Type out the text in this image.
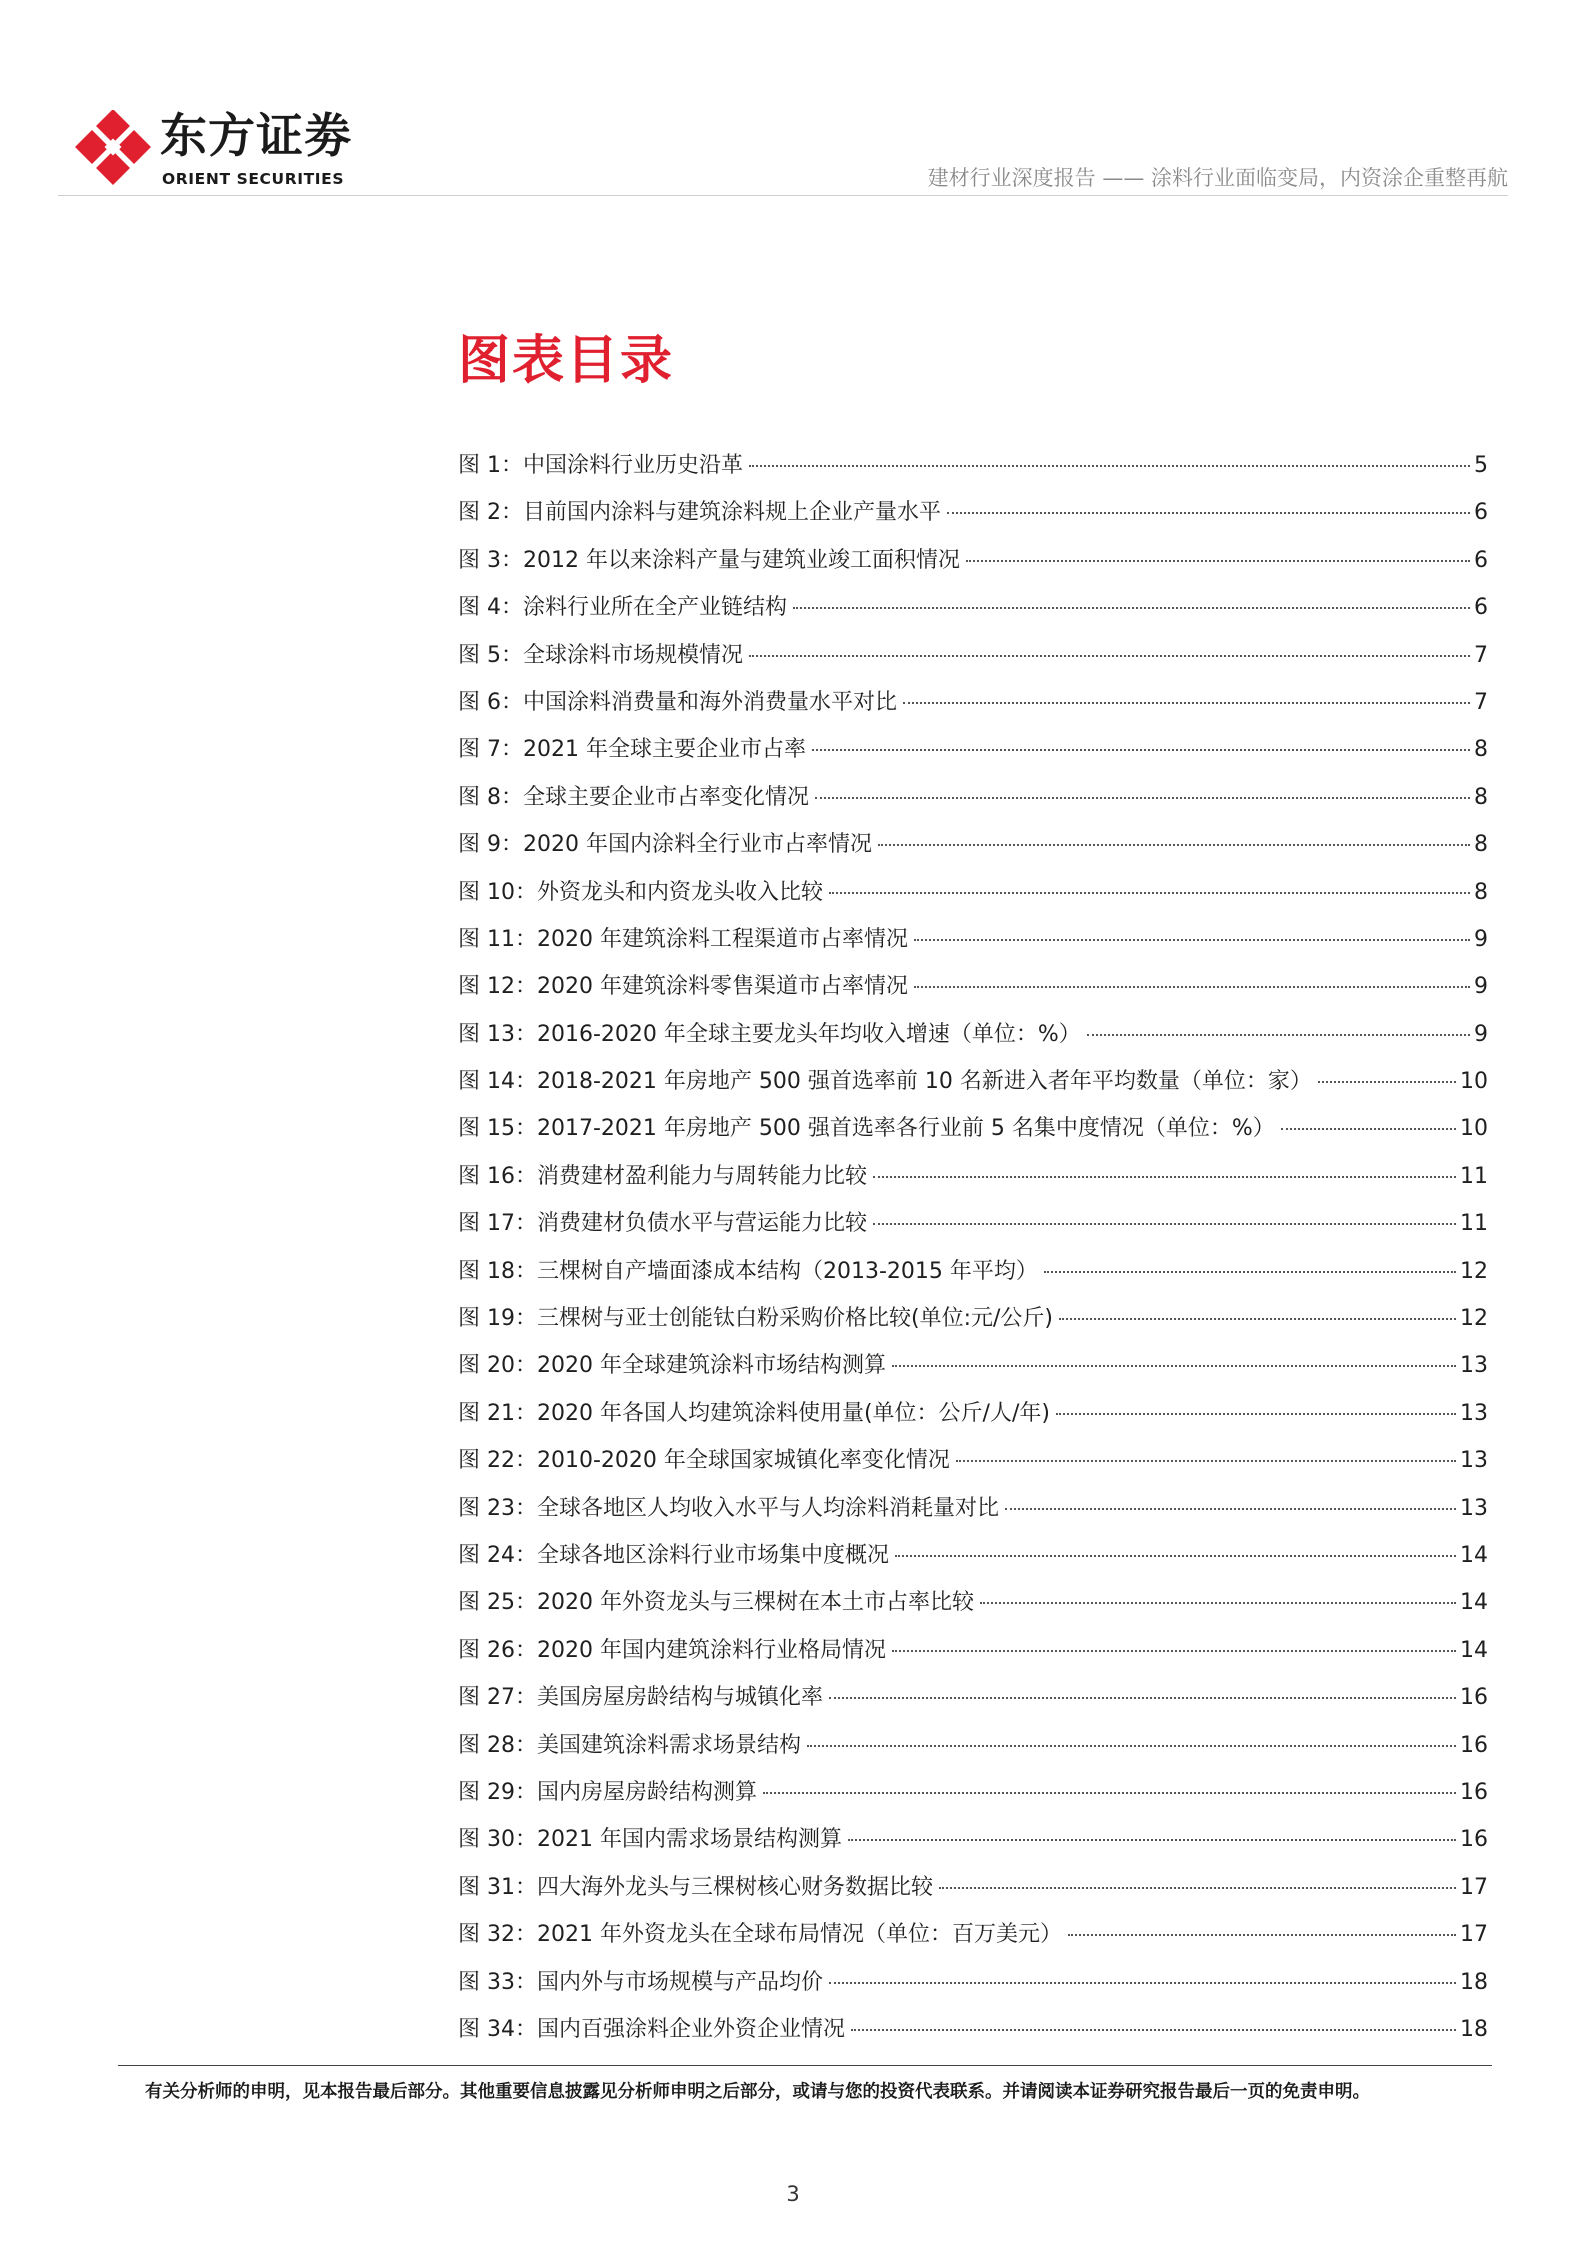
东方证劵
ORIENT SECURITIES	建材行业深度报告 —— 涂料行业面临变局，内资涂企重整再航
图表目录
图 1：中国涂料行业历史沿革	5
图 2：目前国内涂料与建筑涂料规上企业产量水平	6
图 3：2012 年以来涂料产量与建筑业竣工面积情况	6
图 4：涂料行业所在全产业链结构	6
图 5：全球涂料市场规模情况	7
图 6：中国涂料消费量和海外消费量水平对比	7
图 7：2021 年全球主要企业市占率	8
图 8：全球主要企业市占率变化情况	8
图 9：2020 年国内涂料全行业市占率情况	8
图 10：外资龙头和内资龙头收入比较	8
图 11：2020 年建筑涂料工程渠道市占率情况	9
图 12：2020 年建筑涂料零售渠道市占率情况	9
图 13：2016-2020 年全球主要龙头年均收入增速（单位：%）	9
图 14：2018-2021 年房地产 500 强首选率前 10 名新进入者年平均数量（单位：家）	10
图 15：2017-2021 年房地产 500 强首选率各行业前 5 名集中度情况（单位：%）	10
图 16：消费建材盈利能力与周转能力比较	11
图 17：消费建材负债水平与营运能力比较	11
图 18：三棵树自产墙面漆成本结构（2013-2015 年平均）	12
图 19：三棵树与亚士创能钛白粉采购价格比较(单位:元/公斤)	12
图 20：2020 年全球建筑涂料市场结构测算	13
图 21：2020 年各国人均建筑涂料使用量(单位：公斤/人/年)	13
图 22：2010-2020 年全球国家城镇化率变化情况	13
图 23：全球各地区人均收入水平与人均涂料消耗量对比	13
图 24：全球各地区涂料行业市场集中度概况	14
图 25：2020 年外资龙头与三棵树在本土市占率比较	14
图 26：2020 年国内建筑涂料行业格局情况	14
图 27：美国房屋房龄结构与城镇化率	16
图 28：美国建筑涂料需求场景结构	16
图 29：国内房屋房龄结构测算	16
图 30：2021 年国内需求场景结构测算	16
图 31：四大海外龙头与三棵树核心财务数据比较	17
图 32：2021 年外资龙头在全球布局情况（单位：百万美元）	17
图 33：国内外与市场规模与产品均价	18
图 34：国内百强涂料企业外资企业情况	18
有关分析师的申明，见本报告最后部分。其他重要信息披露见分析师申明之后部分，或请与您的投资代表联系。并请阅读本证券研究报告最后一页的免责申明。
3
